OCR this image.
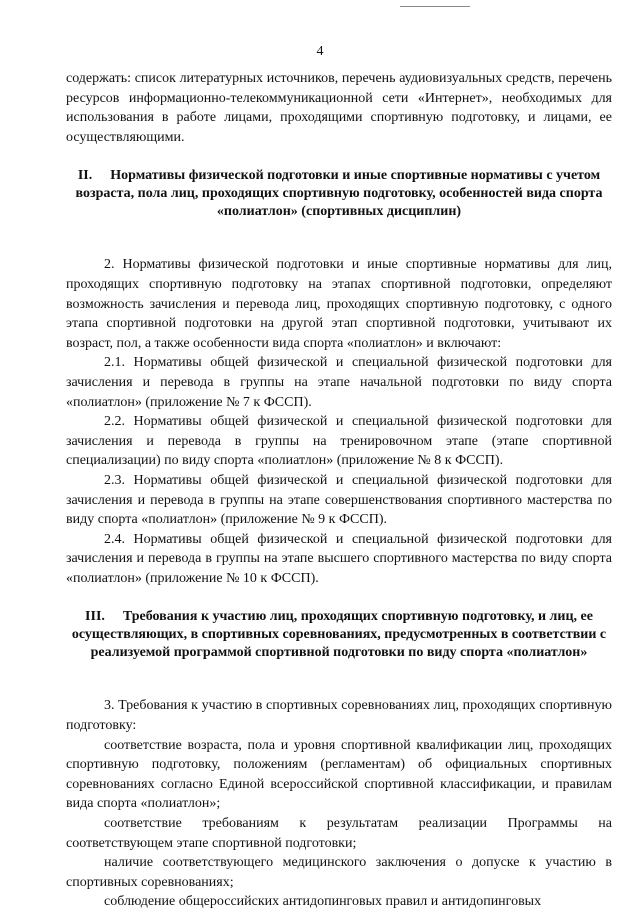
4

содержать: список литературных источников, перечень аудиовизуальных средств, перечень ресурсов информационно-телекоммуникационной сети «Интернет», необходимых для использования в работе лицами, проходящими спортивную подготовку, и лицами, ее осуществляющими.

II. Нормативы физической подготовки и иные спортивные нормативы с учетом возраста, пола лиц, проходящих спортивную подготовку, особенностей вида спорта «полиатлон» (спортивных дисциплин)

2. Нормативы физической подготовки и иные спортивные нормативы для лиц, проходящих спортивную подготовку на этапах спортивной подготовки, определяют возможность зачисления и перевода лиц, проходящих спортивную подготовку, с одного этапа спортивной подготовки на другой этап спортивной подготовки, учитывают их возраст, пол, а также особенности вида спорта «полиатлон» и включают:

2.1. Нормативы общей физической и специальной физической подготовки для зачисления и перевода в группы на этапе начальной подготовки по виду спорта «полиатлон» (приложение № 7 к ФССП).

2.2. Нормативы общей физической и специальной физической подготовки для зачисления и перевода в группы на тренировочном этапе (этапе спортивной специализации) по виду спорта «полиатлон» (приложение № 8 к ФССП).

2.3. Нормативы общей физической и специальной физической подготовки для зачисления и перевода в группы на этапе совершенствования спортивного мастерства по виду спорта «полиатлон» (приложение № 9 к ФССП).

2.4. Нормативы общей физической и специальной физической подготовки для зачисления и перевода в группы на этапе высшего спортивного мастерства по виду спорта «полиатлон» (приложение № 10 к ФССП).

III. Требования к участию лиц, проходящих спортивную подготовку, и лиц, ее осуществляющих, в спортивных соревнованиях, предусмотренных в соответствии с реализуемой программой спортивной подготовки по виду спорта «полиатлон»

3. Требования к участию в спортивных соревнованиях лиц, проходящих спортивную подготовку:

соответствие возраста, пола и уровня спортивной квалификации лиц, проходящих спортивную подготовку, положениям (регламентам) об официальных спортивных соревнованиях согласно Единой всероссийской спортивной классификации, и правилам вида спорта «полиатлон»;

соответствие требованиям к результатам реализации Программы на соответствующем этапе спортивной подготовки;

наличие соответствующего медицинского заключения о допуске к участию в спортивных соревнованиях;

соблюдение общероссийских антидопинговых правил и антидопинговых
